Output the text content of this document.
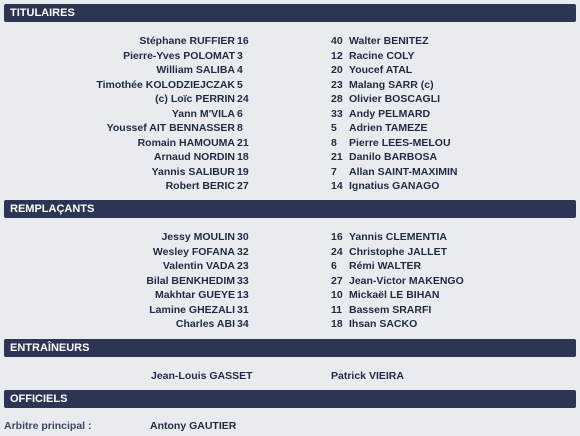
TITULAIRES
Stéphane RUFFIER 16	40 Walter BENITEZ
Pierre-Yves POLOMAT 3	12 Racine COLY
William SALIBA 4	20 Youcef ATAL
Timothée KOLODZIEJCZAK 5	23 Malang SARR (c)
(c) Loïc PERRIN 24	28 Olivier BOSCAGLI
Yann M'VILA 6	33 Andy PELMARD
Youssef AIT BENNASSER 8	5	Adrien TAMEZE
Romain HAMOUMA 21	8	Pierre LEES-MELOU
Arnaud NORDIN 18	21 Danilo BARBOSA
Yannis SALIBUR 19	7	Allan SAINT-MAXIMIN
Robert BERIC 27	14 Ignatius GANAGO
REMPLAÇANTS
Jessy MOULIN 30	16 Yannis CLEMENTIA
Wesley FOFANA 32	24 Christophe JALLET
Valentin VADA 23	6	Rémi WALTER
Bilal BENKHEDIM 33	27 Jean-Victor MAKENGO
Makhtar GUEYE 13	10 Mickaël LE BIHAN
Lamine GHEZALI 31	11 Bassem SRARFI
Charles ABI 34	18 Ihsan SACKO
ENTRAÎNEURS
Jean-Louis GASSET	Patrick VIEIRA
OFFICIELS
Arbitre principal :	Antony GAUTIER
